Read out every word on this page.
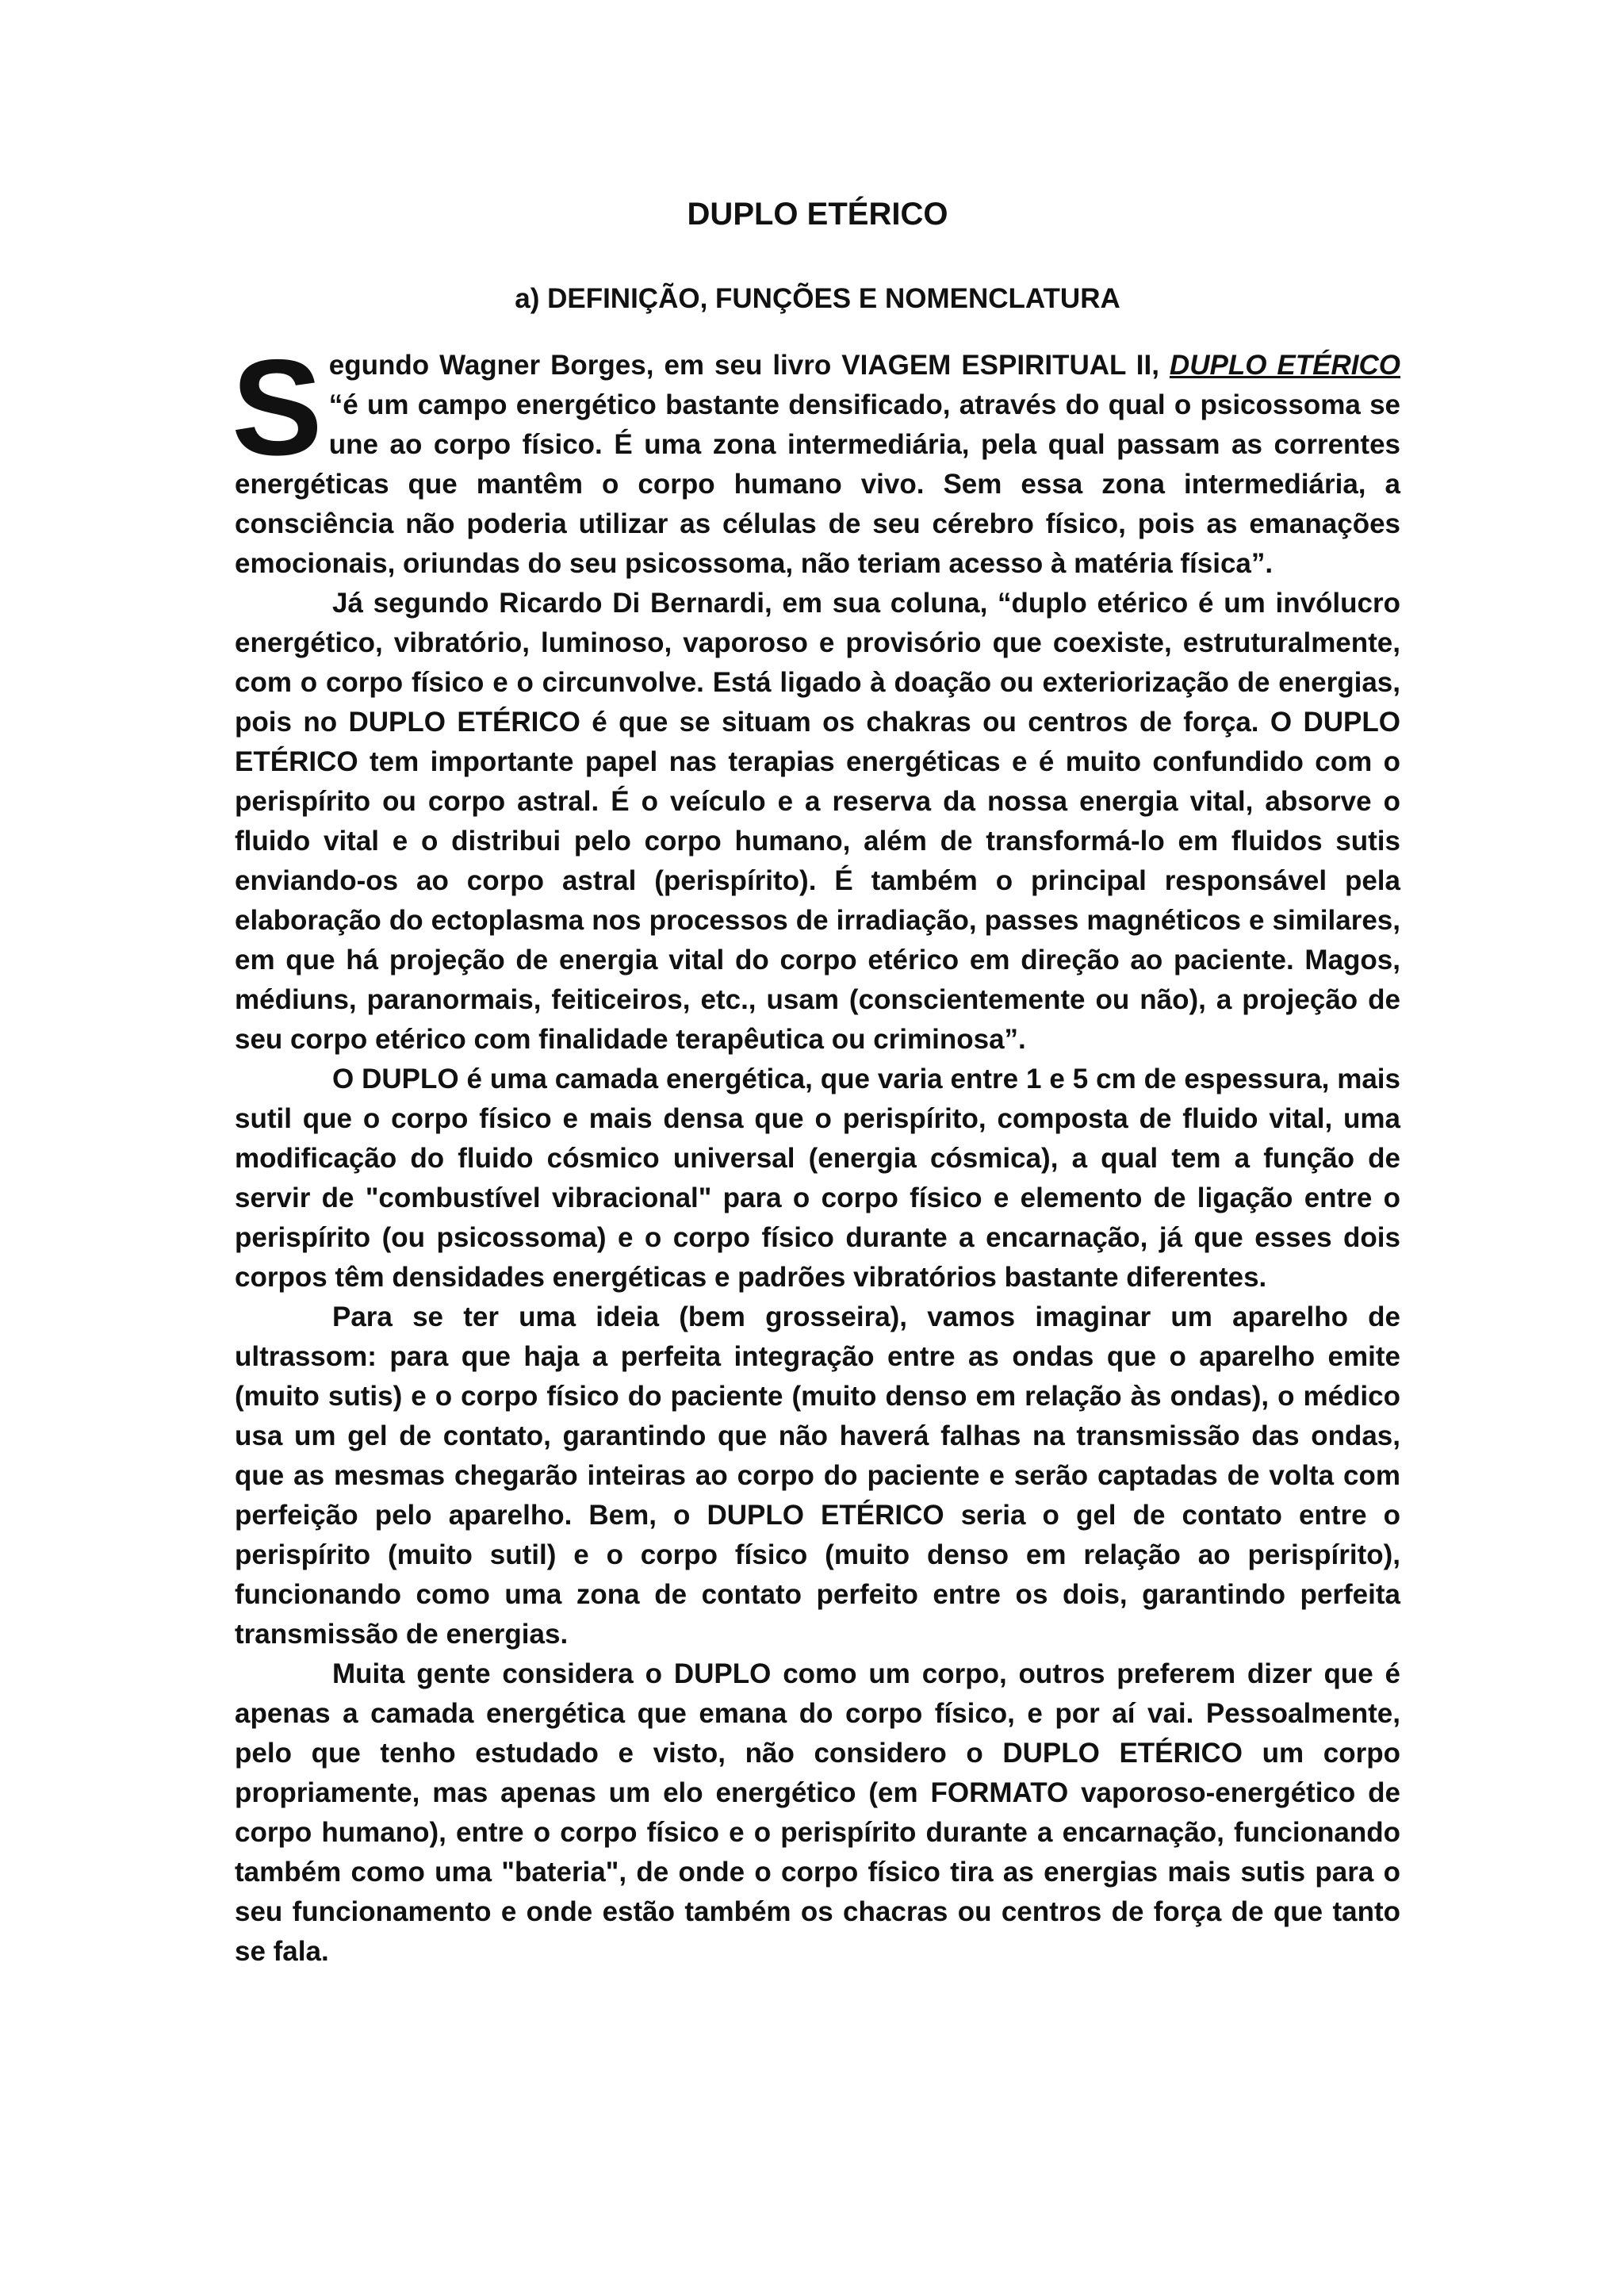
DUPLO ETÉRICO
a) DEFINIÇÃO, FUNÇÕES E NOMENCLATURA

Segundo Wagner Borges, em seu livro VIAGEM ESPIRITUAL II, DUPLO ETÉRICO “é um campo energético bastante densificado, através do qual o psicossoma se une ao corpo físico. É uma zona intermediária, pela qual passam as correntes energéticas que mantêm o corpo humano vivo. Sem essa zona intermediária, a consciência não poderia utilizar as células de seu cérebro físico, pois as emanações emocionais, oriundas do seu psicossoma, não teriam acesso à matéria física”.

Já segundo Ricardo Di Bernardi, em sua coluna, “duplo etérico é um invólucro energético, vibratório, luminoso, vaporoso e provisório que coexiste, estruturalmente, com o corpo físico e o circunvolve. Está ligado à doação ou exteriorização de energias, pois no DUPLO ETÉRICO é que se situam os chakras ou centros de força. O DUPLO ETÉRICO tem importante papel nas terapias energéticas e é muito confundido com o perispírito ou corpo astral. É o veículo e a reserva da nossa energia vital, absorve o fluido vital e o distribui pelo corpo humano, além de transformá-lo em fluidos sutis enviando-os ao corpo astral (perispírito). É também o principal responsável pela elaboração do ectoplasma nos processos de irradiação, passes magnéticos e similares, em que há projeção de energia vital do corpo etérico em direção ao paciente. Magos, médiuns, paranormais, feiticeiros, etc., usam (conscientemente ou não), a projeção de seu corpo etérico com finalidade terapêutica ou criminosa”.

O DUPLO é uma camada energética, que varia entre 1 e 5 cm de espessura, mais sutil que o corpo físico e mais densa que o perispírito, composta de fluido vital, uma modificação do fluido cósmico universal (energia cósmica), a qual tem a função de servir de "combustível vibracional" para o corpo físico e elemento de ligação entre o perispírito (ou psicossoma) e o corpo físico durante a encarnação, já que esses dois corpos têm densidades energéticas e padrões vibratórios bastante diferentes.

Para se ter uma ideia (bem grosseira), vamos imaginar um aparelho de ultrassom: para que haja a perfeita integração entre as ondas que o aparelho emite (muito sutis) e o corpo físico do paciente (muito denso em relação às ondas), o médico usa um gel de contato, garantindo que não haverá falhas na transmissão das ondas, que as mesmas chegarão inteiras ao corpo do paciente e serão captadas de volta com perfeição pelo aparelho. Bem, o DUPLO ETÉRICO seria o gel de contato entre o perispírito (muito sutil) e o corpo físico (muito denso em relação ao perispírito), funcionando como uma zona de contato perfeito entre os dois, garantindo perfeita transmissão de energias.

Muita gente considera o DUPLO como um corpo, outros preferem dizer que é apenas a camada energética que emana do corpo físico, e por aí vai. Pessoalmente, pelo que tenho estudado e visto, não considero o DUPLO ETÉRICO um corpo propriamente, mas apenas um elo energético (em FORMATO vaporoso-energético de corpo humano), entre o corpo físico e o perispírito durante a encarnação, funcionando também como uma "bateria", de onde o corpo físico tira as energias mais sutis para o seu funcionamento e onde estão também os chacras ou centros de força de que tanto se fala.
